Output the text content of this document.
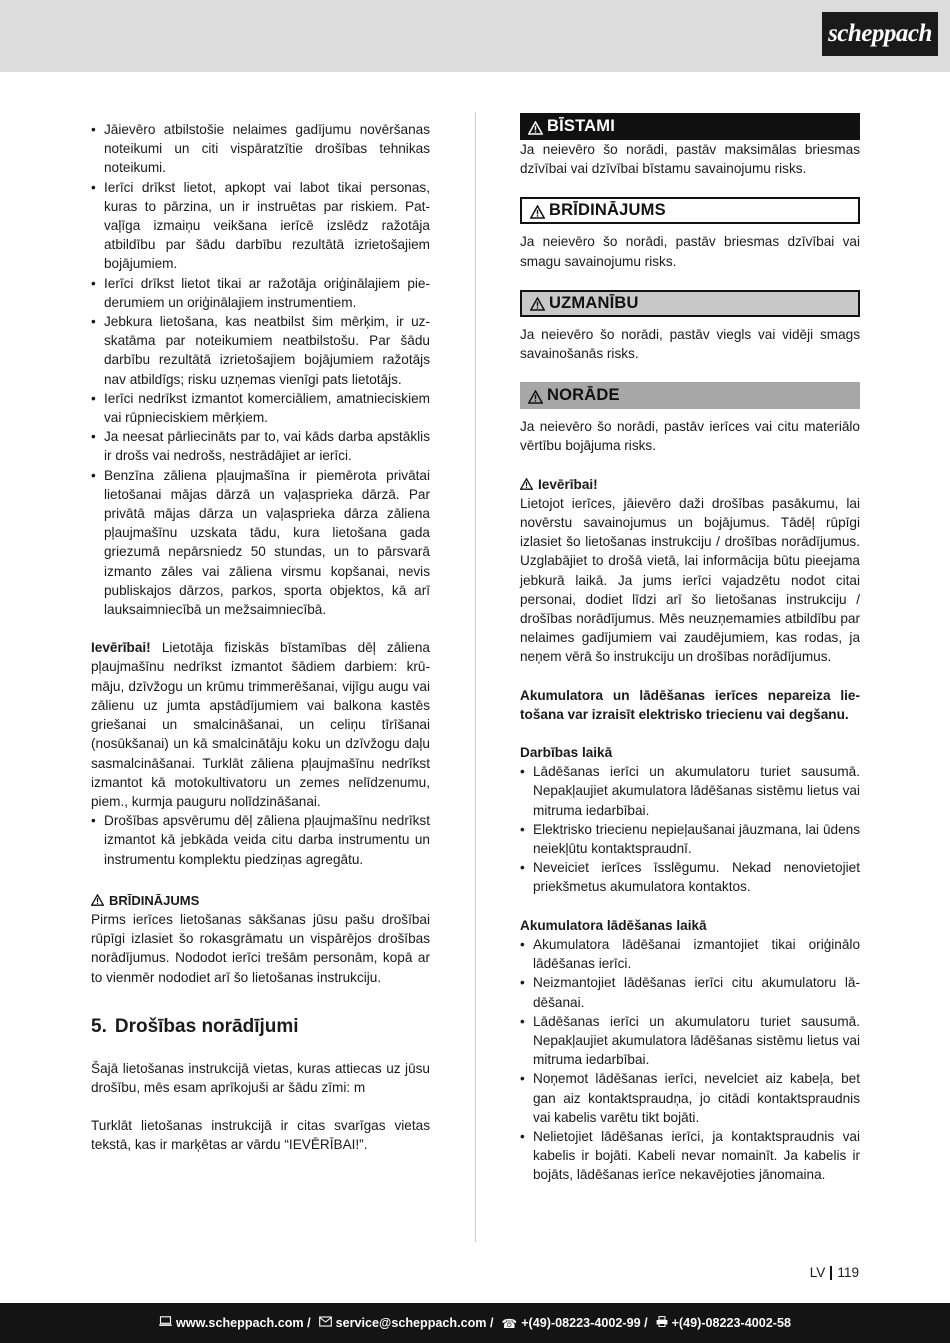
scheppach
• Jāievēro atbilstošie nelaimes gadījumu novēršanas noteikumi un citi vispāratzītie drošības tehnikas noteikumi.
• Ierīci drīkst lietot, apkopt vai labot tikai personas, kuras to pārzina, un ir instruētas par riskiem. Patvaļīga izmaiņu veikšana ierīcē izslēdz ražotāja atbildību par šādu darbību rezultātā izrietošajiem bojājumiem.
• Ierīci drīkst lietot tikai ar ražotāja oriģinālajiem piederumiem un oriģinālajiem instrumentiem.
• Jebkura lietošana, kas neatbilst šim mērķim, ir uzskatāma par noteikumiem neatbilstošu. Par šādu darbību rezultātā izrietošajiem bojājumiem ražotājs nav atbildīgs; risku uzņemas vienīgi pats lietotājs.
• Ierīci nedrīkst izmantot komerciāliem, amatnieciskiem vai rūpnieciskiem mērķiem.
• Ja neesat pārliecināts par to, vai kāds darba apstāklis ir drošs vai nedrošs, nestrādājiet ar ierīci.
• Benzīna zāliena pļaujmašīna ir piemērota privātai lietošanai mājas dārzā un vaļasprieka dārzā. Par privātā mājas dārza un vaļasprieka dārza zāliena pļaujmašīnu uzskata tādu, kura lietošana gada griezumā nepārsniedz 50 stundas, un to pārsvarā izmanto zāles vai zāliena virsmu kopšanai, nevis publiskajos dārzos, parkos, sporta objektos, kā arī lauksaimniecībā un mežsaimniecībā.

Ievērībai! Lietotāja fiziskās bīstamības dēļ zāliena pļaujmašīnu nedrīkst izmantot šādiem darbiem: krūmāju, dzīvžogu un krūmu trimmerēšanai, vijīgu augu vai zālienu uz jumta apstādījumiem vai balkona kastēs griešanai un smalcināšanai, un celiņu tīrīšanai (nosūkšanai) un kā smalcinātāju koku un dzīvžogu daļu sasmalcināšanai. Turklāt zāliena pļaujmašīnu nedrīkst izmantot kā motokultivatoru un zemes nelīdzenumu, piem., kurmja pauguru nolīdzināšanai.

• Drošības apsvērumu dēļ zāliena pļaujmašīnu nedrīkst izmantot kā jebkāda veida citu darba instrumentu un instrumentu komplektu piedziņas agregātu.
BRĪDINĀJUMS

Pirms ierīces lietošanas sākšanas jūsu pašu drošībai rūpīgi izlasiet šo rokasgrāmatu un vispārējos drošības norādījumus. Nododot ierīci trešām personām, kopā ar to vienmēr nododiet arī šo lietošanas instrukciju.

5. Drošības norādījumi

Šajā lietošanas instrukcijā vietas, kuras attiecas uz jūsu drošību, mēs esam aprīkojuši ar šādu zīmi: m

Turklāt lietošanas instrukcijā ir citas svarīgas vietas tekstā, kas ir marķētas ar vārdu “IEVĒRĪBAI!”.

BĪSTAMI

Ja neievēro šo norādi, pastāv maksimālas briesmas dzīvībai vai dzīvībai bīstamu savainojumu risks.

BRĪDINĀJUMS

Ja neievēro šo norādi, pastāv briesmas dzīvībai vai smagu savainojumu risks.

UZMANĪBU

Ja neievēro šo norādi, pastāv viegls vai vidēji smags savainošanās risks.

NORĀDE

Ja neievēro šo norādi, pastāv ierīces vai citu materiālo vērtību bojājuma risks.

Ievērībai!

Lietojot ierīces, jāievēro daži drošības pasākumu, lai novērstu savainojumus un bojājumus. Tādēļ rūpīgi izlasiet šo lietošanas instrukciju / drošības norādījumus. Uzglabājiet to drošā vietā, lai informācija būtu pieejama jebkurā laikā. Ja jums ierīci vajadzētu nodot citai personai, dodiet līdzi arī šo lietošanas instrukciju / drošības norādījumus. Mēs neuzņemamies atbildību par nelaimes gadījumiem vai zaudējumiem, kas rodas, ja neņem vērā šo instrukciju un drošības norādījumus.

Akumulatora un lādēšanas ierīces nepareiza lietošana var izraisīt elektrisko triecienu vai degšanu.

Darbības laikā

• Lādēšanas ierīci un akumulatoru turiet sausumā. Nepakļaujiet akumulatora lādēšanas sistēmu lietus vai mitruma iedarbībai.
• Elektrisko triecienu nepieļaušanai jāuzmana, lai ūdens neiekļūtu kontaktspraudnī.
• Neveiciet ierīces īsslēgumu. Nekad nenovietojiet priekšmetus akumulatora kontaktos.

Akumulatora lādēšanas laikā

• Akumulatora lādēšanai izmantojiet tikai oriģinālo lādēšanas ierīci.
• Neizmantojiet lādēšanas ierīci citu akumulatoru lādēšanai.
• Lādēšanas ierīci un akumulatoru turiet sausumā. Nepakļaujiet akumulatora lādēšanas sistēmu lietus vai mitruma iedarbībai.
• Noņemot lādēšanas ierīci, nevelciet aiz kabeļa, bet gan aiz kontaktspraudņa, jo citādi kontaktspraudnis vai kabelis varētu tikt bojāti.
• Nelietojiet lādēšanas ierīci, ja kontaktspraudnis vai kabelis ir bojāti. Kabeli nevar nomainīt. Ja kabelis ir bojāts, lādēšanas ierīce nekavējoties jānomaina.
LV 119
www.scheppach.com / service@scheppach.com / ☎ +(49)-08223-4002-99 / +(49)-08223-4002-58
